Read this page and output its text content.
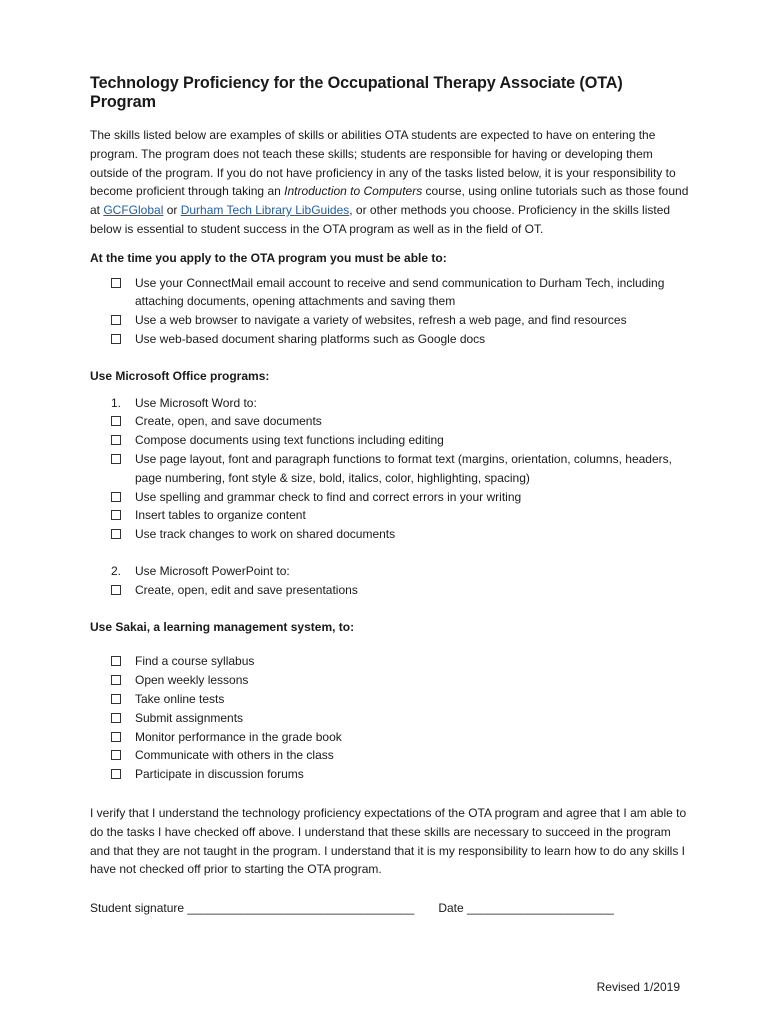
Technology Proficiency for the Occupational Therapy Associate (OTA) Program

The skills listed below are examples of skills or abilities OTA students are expected to have on entering the program. The program does not teach these skills; students are responsible for having or developing them outside of the program. If you do not have proficiency in any of the tasks listed below, it is your responsibility to become proficient through taking an Introduction to Computers course, using online tutorials such as those found at GCFGlobal or Durham Tech Library LibGuides, or other methods you choose. Proficiency in the skills listed below is essential to student success in the OTA program as well as in the field of OT.

At the time you apply to the OTA program you must be able to:
Use your ConnectMail email account to receive and send communication to Durham Tech, including attaching documents, opening attachments and saving them
Use a web browser to navigate a variety of websites, refresh a web page, and find resources
Use web-based document sharing platforms such as Google docs
Use Microsoft Office programs:
1.	Use Microsoft Word to:
Create, open, and save documents
Compose documents using text functions including editing
Use page layout, font and paragraph functions to format text (margins, orientation, columns, headers, page numbering, font style & size, bold, italics, color, highlighting, spacing)
Use spelling and grammar check to find and correct errors in your writing
Insert tables to organize content
Use track changes to work on shared documents
2.	Use Microsoft PowerPoint to:
Create, open, edit and save presentations
Use Sakai, a learning management system, to:
Find a course syllabus
Open weekly lessons
Take online tests
Submit assignments
Monitor performance in the grade book
Communicate with others in the class
Participate in discussion forums

I verify that I understand the technology proficiency expectations of the OTA program and agree that I am able to do the tasks I have checked off above. I understand that these skills are necessary to succeed in the program and that they are not taught in the program. I understand that it is my responsibility to learn how to do any skills I have not checked off prior to starting the OTA program.

Student signature __________________________________ Date ______________________
Revised 1/2019
